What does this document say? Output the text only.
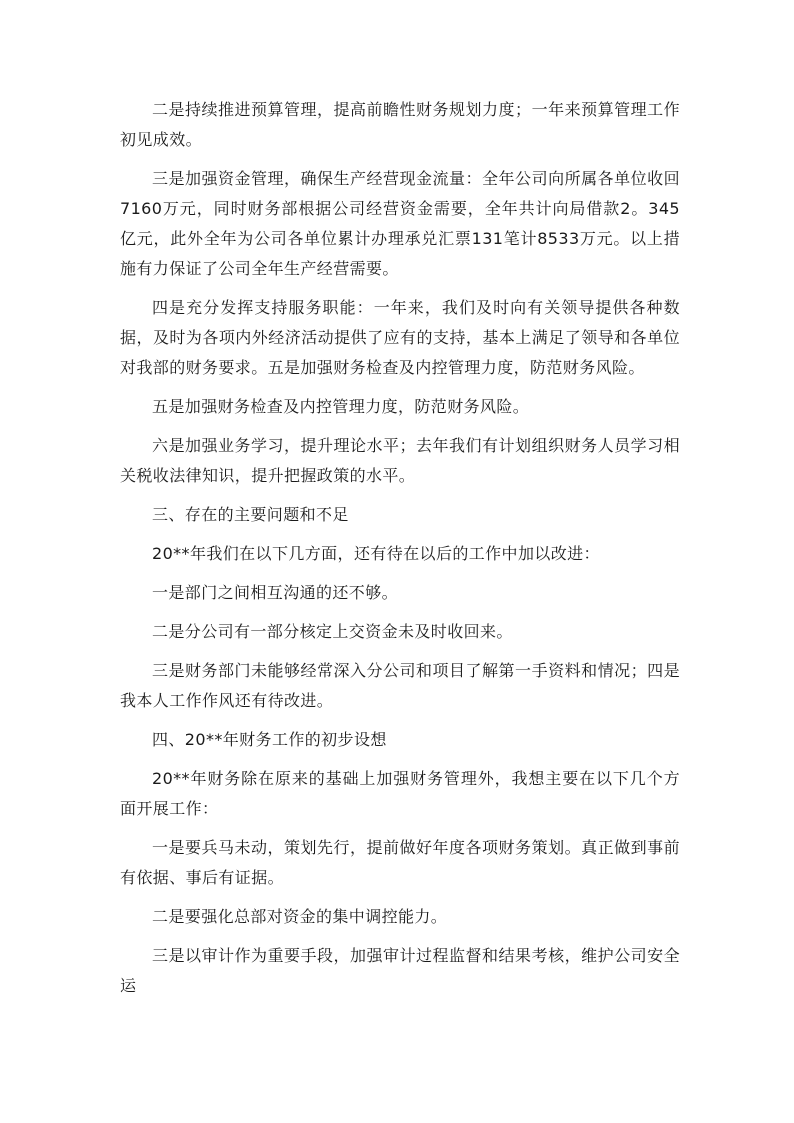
二是持续推进预算管理，提高前瞻性财务规划力度；一年来预算管理工作初见成效。

三是加强资金管理，确保生产经营现金流量：全年公司向所属各单位收回7160万元，同时财务部根据公司经营资金需要，全年共计向局借款2。345亿元，此外全年为公司各单位累计办理承兑汇票131笔计8533万元。以上措施有力保证了公司全年生产经营需要。

四是充分发挥支持服务职能：一年来，我们及时向有关领导提供各种数据，及时为各项内外经济活动提供了应有的支持，基本上满足了领导和各单位对我部的财务要求。五是加强财务检查及内控管理力度，防范财务风险。

五是加强财务检查及内控管理力度，防范财务风险。

六是加强业务学习，提升理论水平；去年我们有计划组织财务人员学习相关税收法律知识，提升把握政策的水平。

三、存在的主要问题和不足

20**年我们在以下几方面，还有待在以后的工作中加以改进：

一是部门之间相互沟通的还不够。

二是分公司有一部分核定上交资金未及时收回来。

三是财务部门未能够经常深入分公司和项目了解第一手资料和情况；四是我本人工作作风还有待改进。

四、20**年财务工作的初步设想

20**年财务除在原来的基础上加强财务管理外，我想主要在以下几个方面开展工作：

一是要兵马未动，策划先行，提前做好年度各项财务策划。真正做到事前有依据、事后有证据。

二是要强化总部对资金的集中调控能力。

三是以审计作为重要手段，加强审计过程监督和结果考核，维护公司安全运
